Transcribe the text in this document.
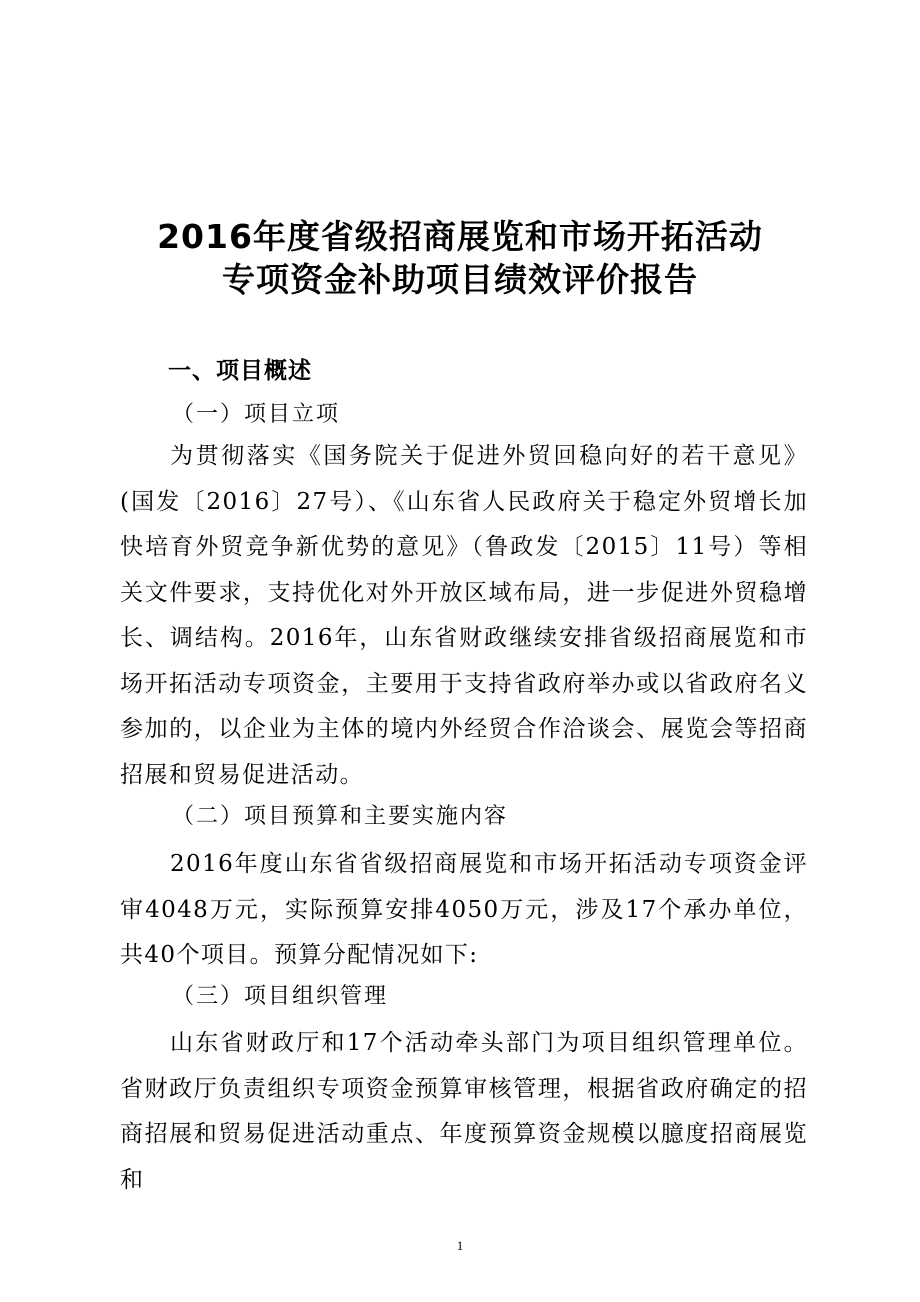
2016年度省级招商展览和市场开拓活动
专项资金补助项目绩效评价报告
一、项目概述
（一）项目立项

为贯彻落实《国务院关于促进外贸回稳向好的若干意见》(国发〔2016〕27号）、《山东省人民政府关于稳定外贸增长加快培育外贸竞争新优势的意见》（鲁政发〔2015〕11号）等相关文件要求，支持优化对外开放区域布局，进一步促进外贸稳增长、调结构。2016年，山东省财政继续安排省级招商展览和市场开拓活动专项资金，主要用于支持省政府举办或以省政府名义参加的，以企业为主体的境内外经贸合作洽谈会、展览会等招商招展和贸易促进活动。

（二）项目预算和主要实施内容

2016年度山东省省级招商展览和市场开拓活动专项资金评审4048万元，实际预算安排4050万元，涉及17个承办单位，共40个项目。预算分配情况如下:

（三）项目组织管理

山东省财政厅和17个活动牵头部门为项目组织管理单位。省财政厅负责组织专项资金预算审核管理，根据省政府确定的招商招展和贸易促进活动重点、年度预算资金规模以臆度招商展览和

1
